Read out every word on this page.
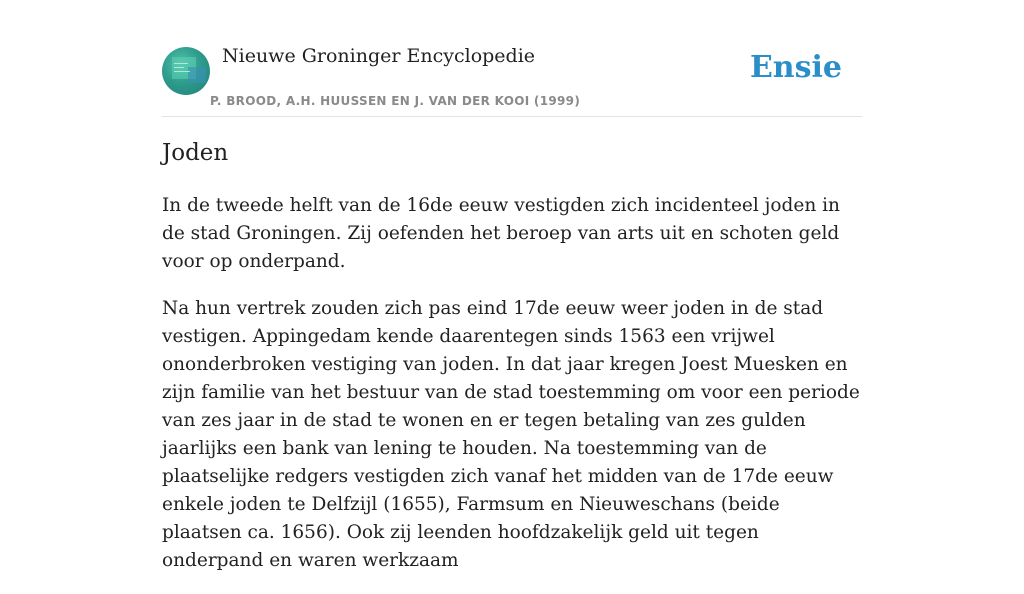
Nieuwe Groninger Encyclopedie
P. BROOD, A.H. HUUSSEN EN J. VAN DER KOOI (1999)
Ensie
Joden

In de tweede helft van de 16de eeuw vestigden zich incidenteel joden in de stad Groningen. Zij oefenden het beroep van arts uit en schoten geld voor op onderpand.

Na hun vertrek zouden zich pas eind 17de eeuw weer joden in de stad vestigen. Appingedam kende daarentegen sinds 1563 een vrijwel ononderbroken vestiging van joden. In dat jaar kregen Joest Muesken en zijn familie van het bestuur van de stad toestemming om voor een periode van zes jaar in de stad te wonen en er tegen betaling van zes gulden jaarlijks een bank van lening te houden. Na toestemming van de plaatselijke redgers vestigden zich vanaf het midden van de 17de eeuw enkele joden te Delfzijl (1655), Farmsum en Nieuweschans (beide plaatsen ca. 1656). Ook zij leenden hoofdzakelijk geld uit tegen onderpand en waren werkzaam
